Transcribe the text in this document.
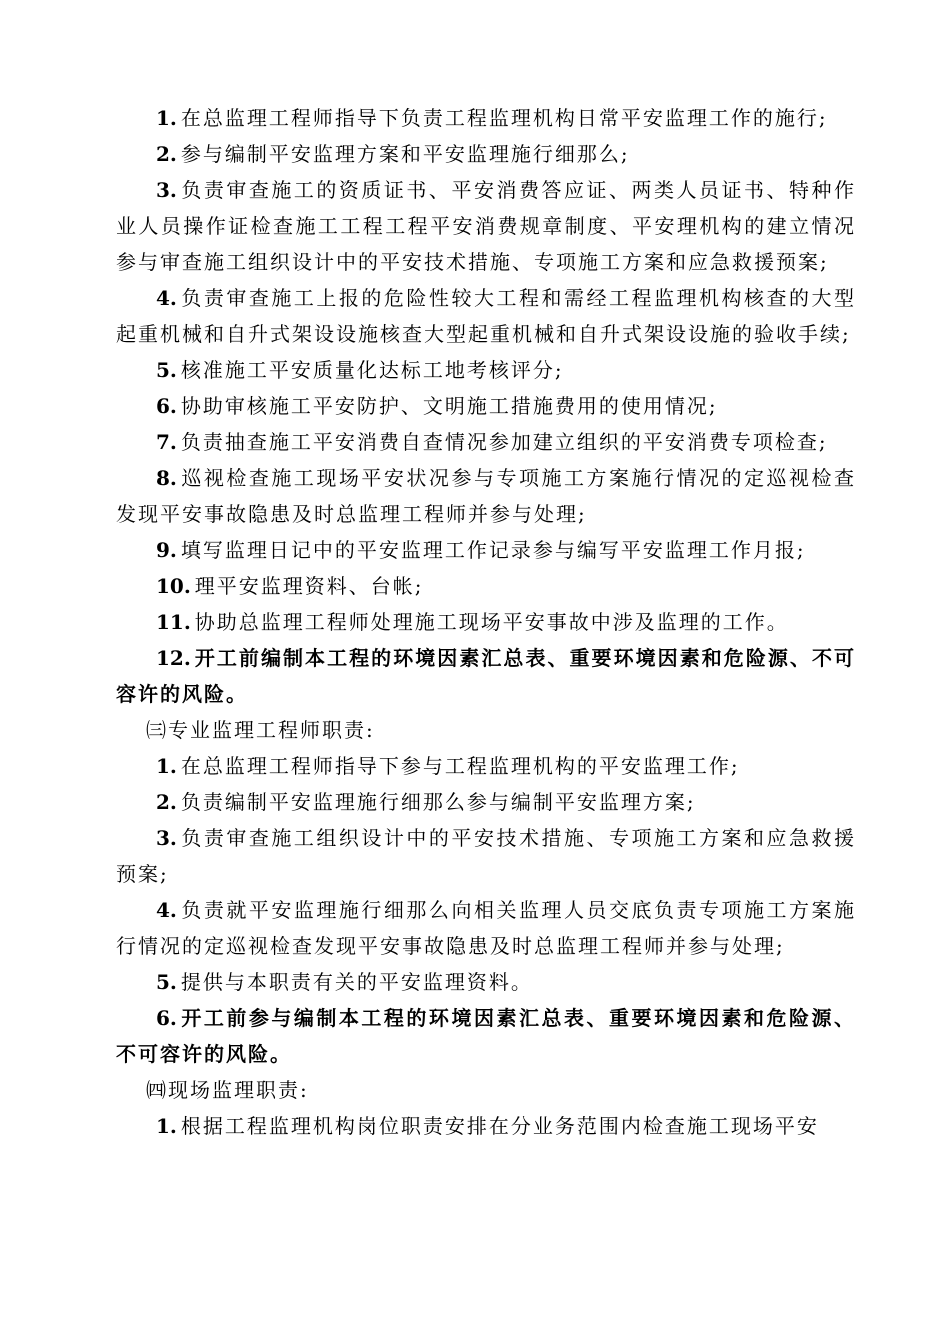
1. 在总监理工程师指导下负责工程监理机构日常平安监理工作的施行;

2. 参与编制平安监理方案和平安监理施行细那么;

3. 负责审查施工的资质证书、平安消费答应证、两类人员证书、特种作业人员操作证检查施工工程工程平安消费规章制度、平安理机构的建立情况参与审查施工组织设计中的平安技术措施、专项施工方案和应急救援预案;

4. 负责审查施工上报的危险性较大工程和需经工程监理机构核查的大型起重机械和自升式架设设施核查大型起重机械和自升式架设设施的验收手续;

5. 核准施工平安质量化达标工地考核评分;

6. 协助审核施工平安防护、文明施工措施费用的使用情况;

7. 负责抽查施工平安消费自查情况参加建立组织的平安消费专项检查;

8. 巡视检查施工现场平安状况参与专项施工方案施行情况的定巡视检查发现平安事故隐患及时总监理工程师并参与处理;

9. 填写监理日记中的平安监理工作记录参与编写平安监理工作月报;

10. 理平安监理资料、台帐;

11. 协助总监理工程师处理施工现场平安事故中涉及监理的工作。

12. 开工前编制本工程的环境因素汇总表、重要环境因素和危险源、不可容许的风险。

㈢专业监理工程师职责:

1. 在总监理工程师指导下参与工程监理机构的平安监理工作;

2. 负责编制平安监理施行细那么参与编制平安监理方案;

3. 负责审查施工组织设计中的平安技术措施、专项施工方案和应急救援预案;

4. 负责就平安监理施行细那么向相关监理人员交底负责专项施工方案施行情况的定巡视检查发现平安事故隐患及时总监理工程师并参与处理;

5. 提供与本职责有关的平安监理资料。

6. 开工前参与编制本工程的环境因素汇总表、重要环境因素和危险源、不可容许的风险。

㈣现场监理职责:

1. 根据工程监理机构岗位职责安排在分业务范围内检查施工现场平安
